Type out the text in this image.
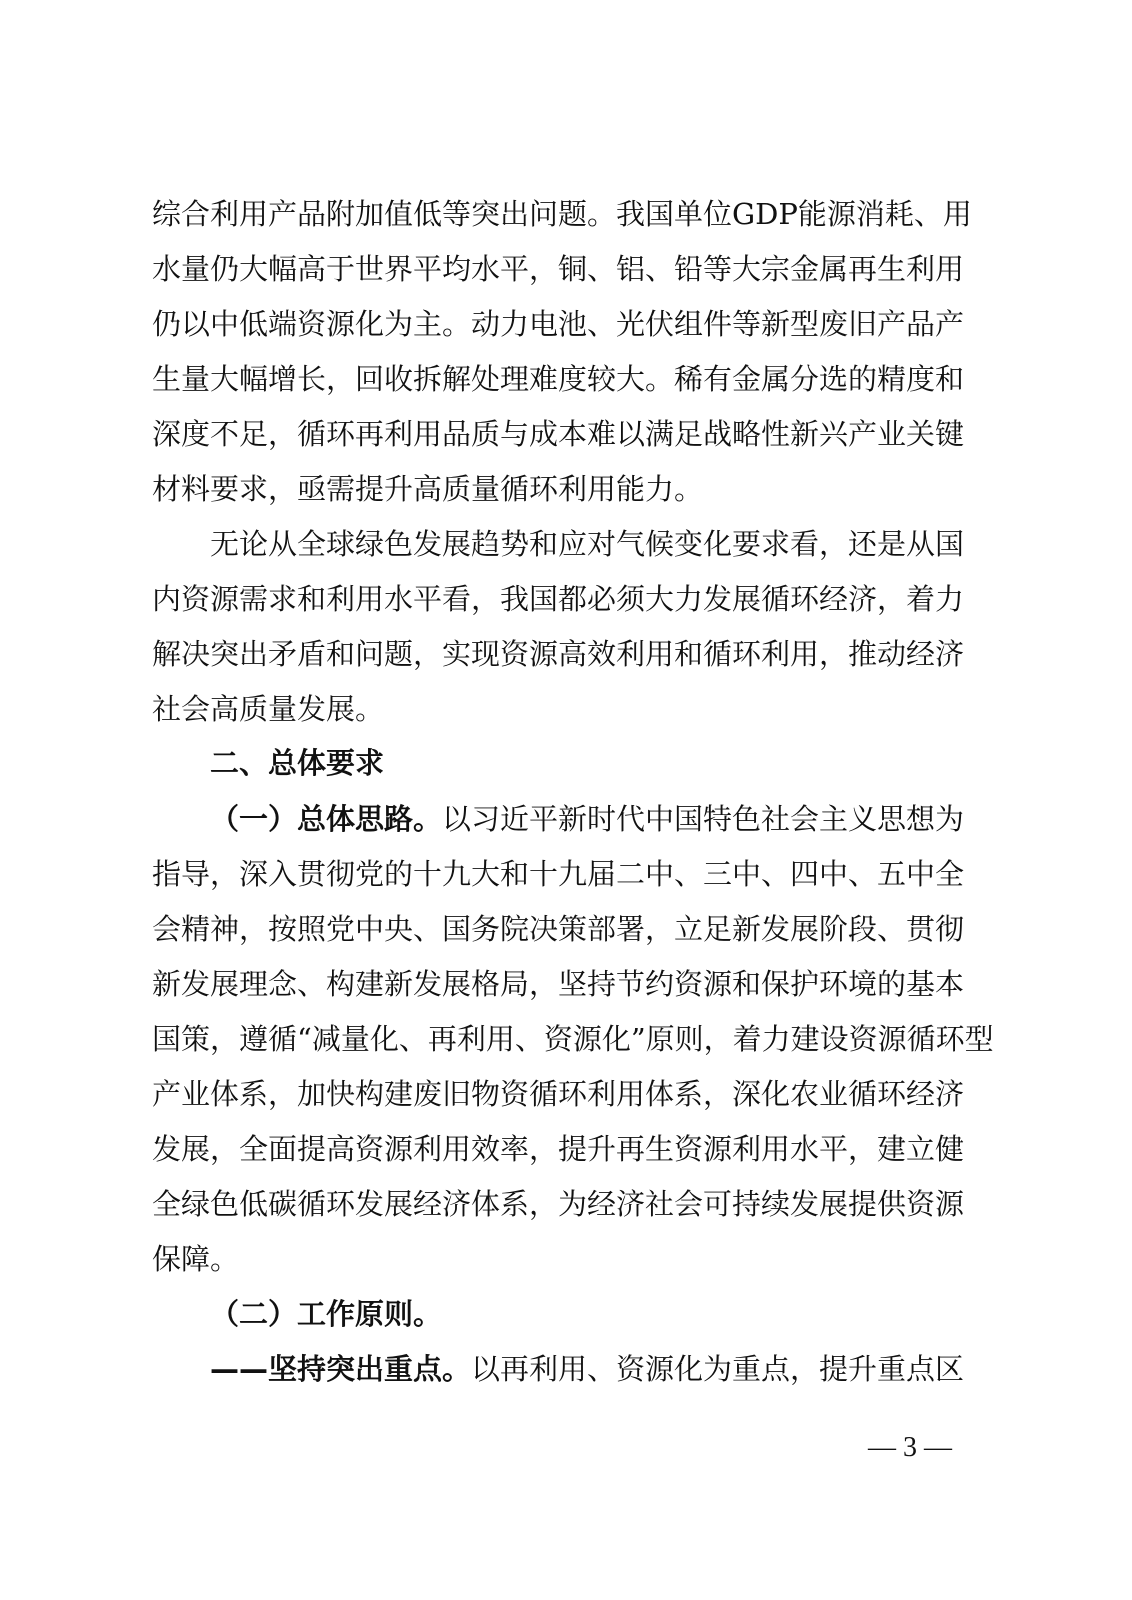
综合利用产品附加值低等突出问题。我国单位GDP能源消耗、用
水量仍大幅高于世界平均水平，铜、铝、铅等大宗金属再生利用
仍以中低端资源化为主。动力电池、光伏组件等新型废旧产品产
生量大幅增长，回收拆解处理难度较大。稀有金属分选的精度和
深度不足，循环再利用品质与成本难以满足战略性新兴产业关键
材料要求，亟需提升高质量循环利用能力。
无论从全球绿色发展趋势和应对气候变化要求看，还是从国
内资源需求和利用水平看，我国都必须大力发展循环经济，着力
解决突出矛盾和问题，实现资源高效利用和循环利用，推动经济
社会高质量发展。
二、总体要求
（一）总体思路。以习近平新时代中国特色社会主义思想为
指导，深入贯彻党的十九大和十九届二中、三中、四中、五中全
会精神，按照党中央、国务院决策部署，立足新发展阶段、贯彻
新发展理念、构建新发展格局，坚持节约资源和保护环境的基本
国策，遵循“减量化、再利用、资源化”原则，着力建设资源循环型
产业体系，加快构建废旧物资循环利用体系，深化农业循环经济
发展，全面提高资源利用效率，提升再生资源利用水平，建立健
全绿色低碳循环发展经济体系，为经济社会可持续发展提供资源
保障。
（二）工作原则。
——坚持突出重点。以再利用、资源化为重点，提升重点区
— 3 —
